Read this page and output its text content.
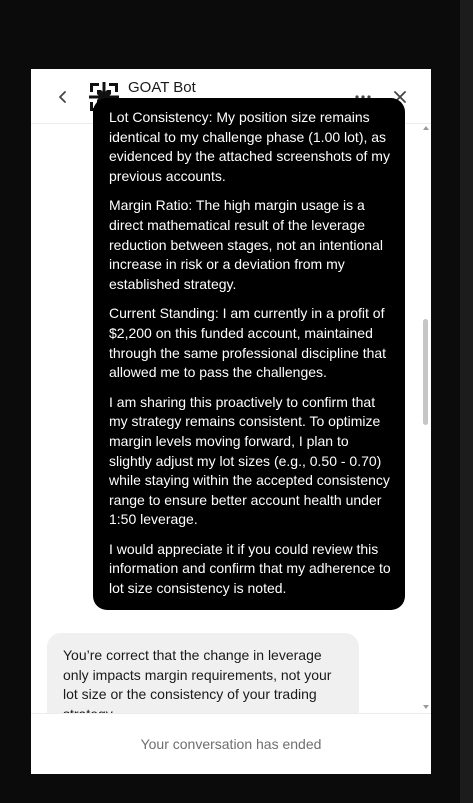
GOAT Bot

Lot Consistency: My position size remains identical to my challenge phase (1.00 lot), as evidenced by the attached screenshots of my previous accounts.

Margin Ratio: The high margin usage is a direct mathematical result of the leverage reduction between stages, not an intentional increase in risk or a deviation from my established strategy.

Current Standing: I am currently in a profit of $2,200 on this funded account, maintained through the same professional discipline that allowed me to pass the challenges.

I am sharing this proactively to confirm that my strategy remains consistent. To optimize margin levels moving forward, I plan to slightly adjust my lot sizes (e.g., 0.50 - 0.70) while staying within the accepted consistency range to ensure better account health under 1:50 leverage.

I would appreciate it if you could review this information and confirm that my adherence to lot size consistency is noted.

You’re correct that the change in leverage only impacts margin requirements, not your lot size or the consistency of your trading

Your conversation has ended
